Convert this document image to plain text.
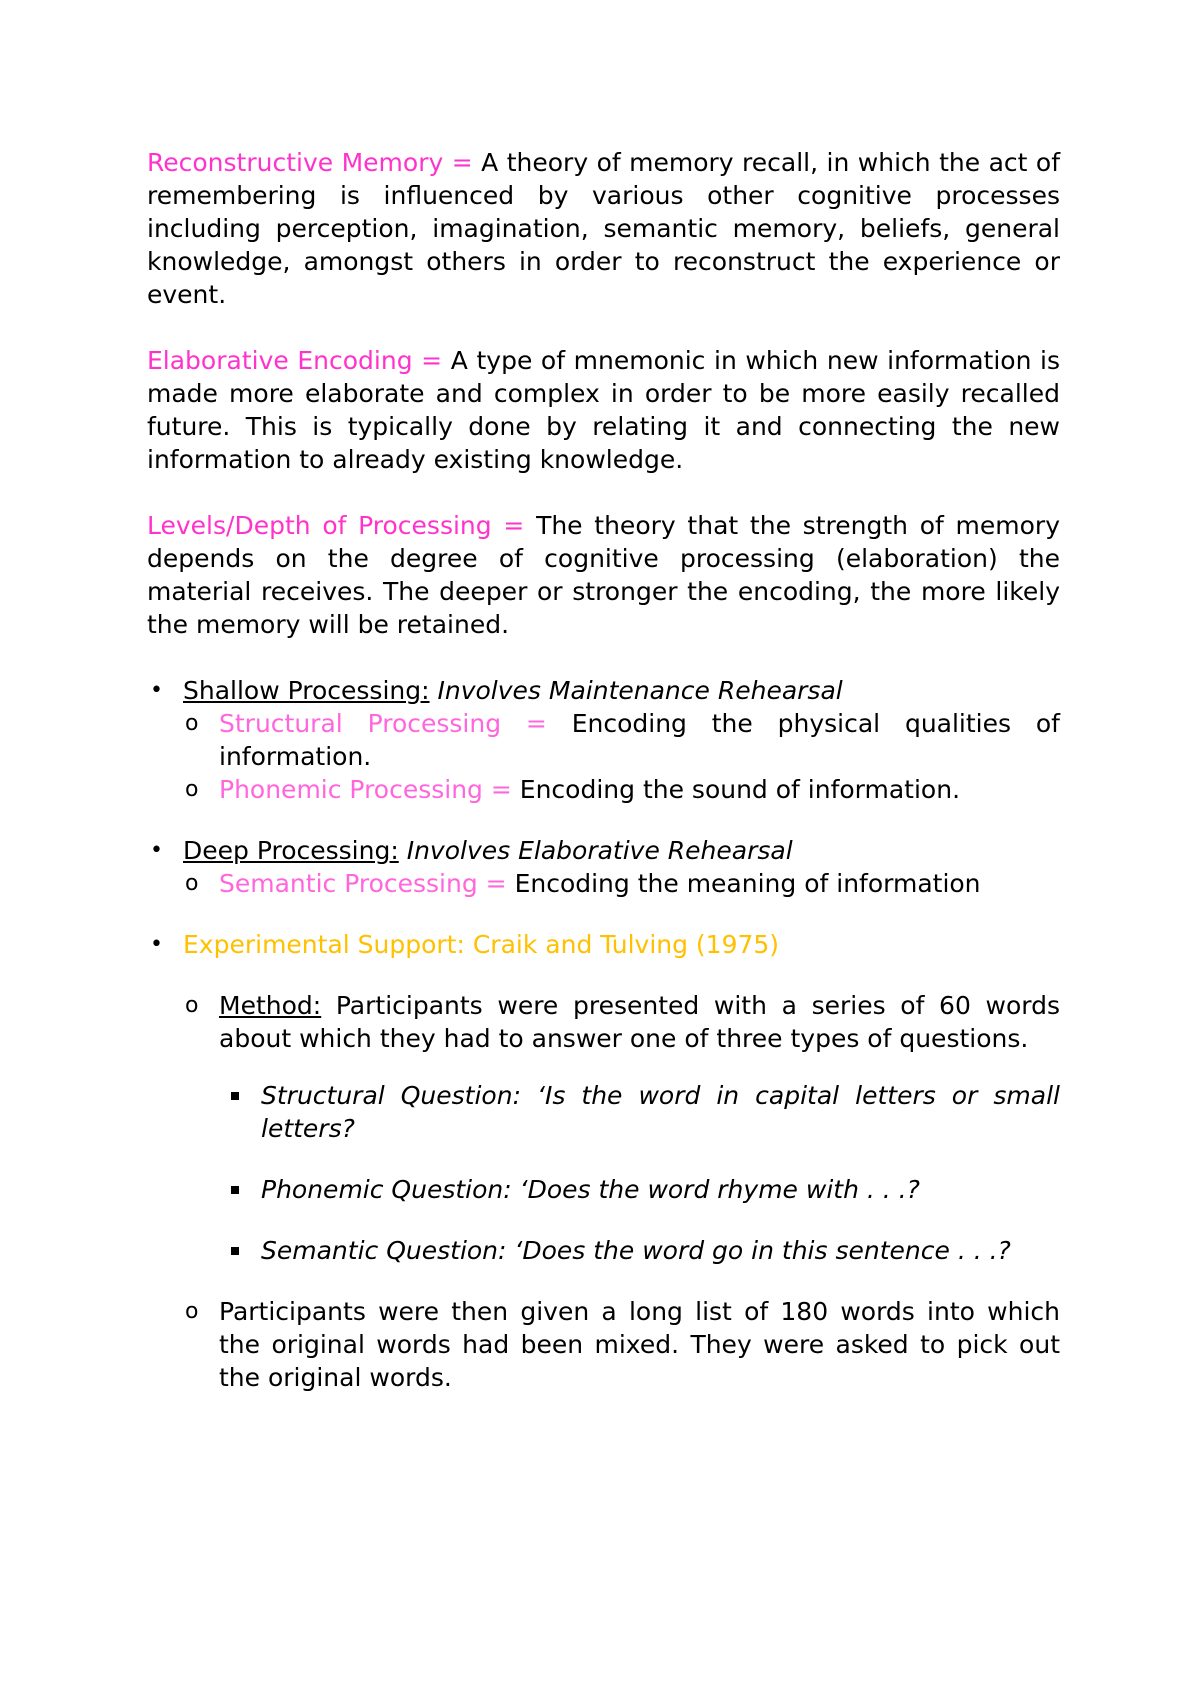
Reconstructive Memory = A theory of memory recall, in which the act of remembering is influenced by various other cognitive processes including perception, imagination, semantic memory, beliefs, general knowledge, amongst others in order to reconstruct the experience or event.

Elaborative Encoding = A type of mnemonic in which new information is made more elaborate and complex in order to be more easily recalled future. This is typically done by relating it and connecting the new information to already existing knowledge.

Levels/Depth of Processing = The theory that the strength of memory depends on the degree of cognitive processing (elaboration) the material receives. The deeper or stronger the encoding, the more likely the memory will be retained.

• Shallow Processing: Involves Maintenance Rehearsal
o Structural Processing = Encoding the physical qualities of information.
o Phonemic Processing = Encoding the sound of information.
• Deep Processing: Involves Elaborative Rehearsal
o Semantic Processing = Encoding the meaning of information
• Experimental Support: Craik and Tulving (1975)
o Method: Participants were presented with a series of 60 words about which they had to answer one of three types of questions.
Structural Question: ‘Is the word in capital letters or small letters?
Phonemic Question: ‘Does the word rhyme with . . .?
Semantic Question: ‘Does the word go in this sentence . . .?
o Participants were then given a long list of 180 words into which the original words had been mixed. They were asked to pick out the original words.
